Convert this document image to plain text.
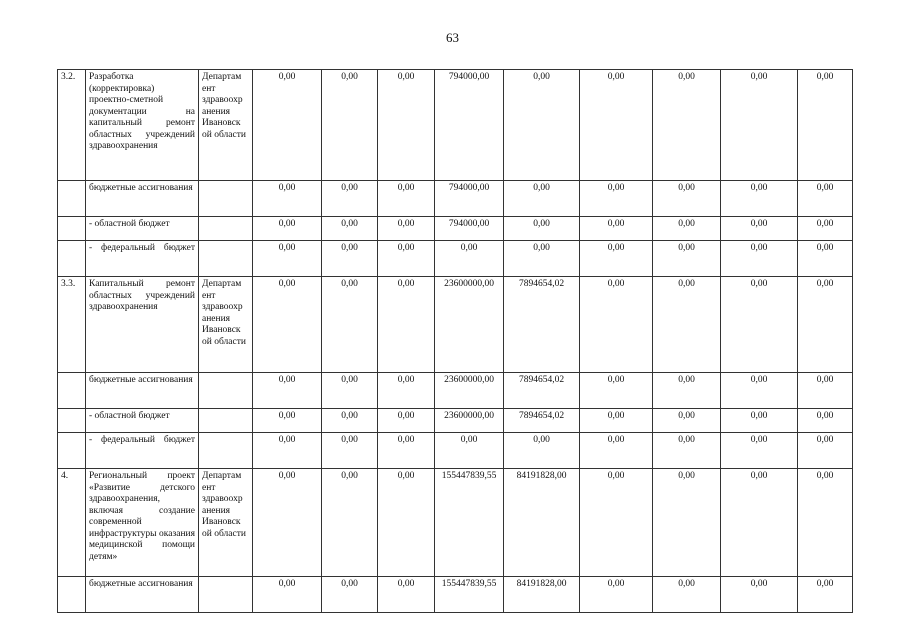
63
3.2.	Разработка (корректировка) проектно-сметной документации на капитальный ремонт областных учреждений здравоохранения	Департам ент здравоохр анения Ивановск ой области	0,00	0,00	0,00	794000,00	0,00	0,00	0,00	0,00	0,00
	бюджетные ассигнования		0,00	0,00	0,00	794000,00	0,00	0,00	0,00	0,00	0,00
	- областной бюджет		0,00	0,00	0,00	794000,00	0,00	0,00	0,00	0,00	0,00
	- федеральный бюджет		0,00	0,00	0,00	0,00	0,00	0,00	0,00	0,00	0,00
3.3.	Капитальный ремонт областных учреждений здравоохранения	Департам ент здравоохр анения Ивановск ой области	0,00	0,00	0,00	23600000,00	7894654,02	0,00	0,00	0,00	0,00
	бюджетные ассигнования		0,00	0,00	0,00	23600000,00	7894654,02	0,00	0,00	0,00	0,00
	- областной бюджет		0,00	0,00	0,00	23600000,00	7894654,02	0,00	0,00	0,00	0,00
	- федеральный бюджет		0,00	0,00	0,00	0,00	0,00	0,00	0,00	0,00	0,00
4.	Региональный проект «Развитие детского здравоохранения, включая создание современной инфраструктуры оказания медицинской помощи детям»	Департам ент здравоохр анения Ивановск ой области	0,00	0,00	0,00	155447839,55	84191828,00	0,00	0,00	0,00	0,00
	бюджетные ассигнования		0,00	0,00	0,00	155447839,55	84191828,00	0,00	0,00	0,00	0,00
